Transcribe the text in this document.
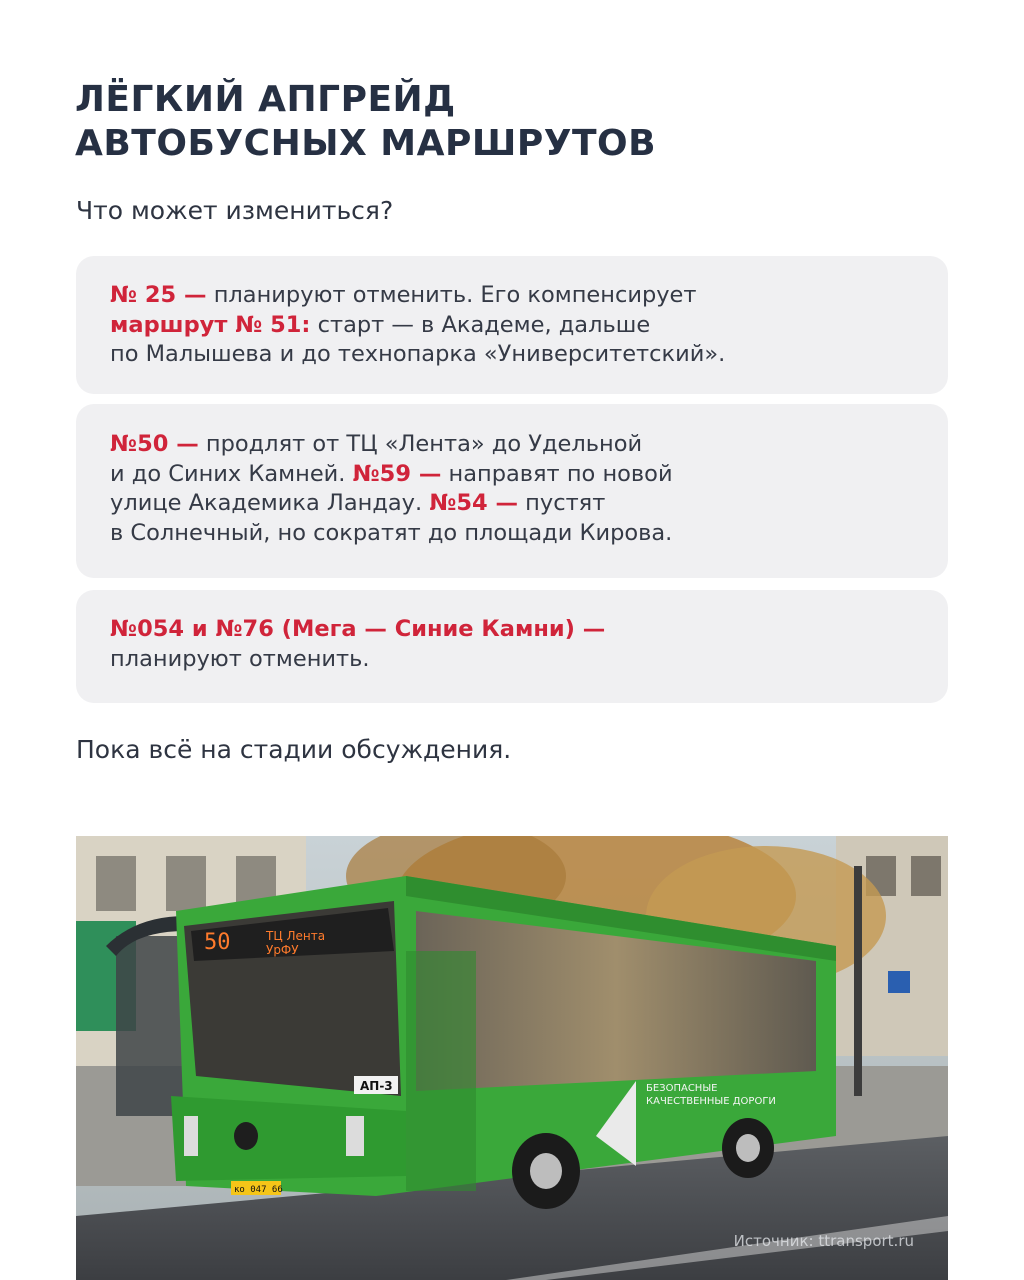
ЛЁГКИЙ АПГРЕЙД
АВТОБУСНЫХ МАРШРУТОВ
Что может измениться?
№ 25 — планируют отменить. Его компенсирует
маршрут № 51: старт — в Академе, дальше
по Малышева и до технопарка «Университетский».
№50 — продлят от ТЦ «Лента» до Удельной
и до Синих Камней. №59 — направят по новой
улице Академика Ландау. №54 — пустят
в Солнечный, но сократят до площади Кирова.
№054 и №76 (Мега — Синие Камни) —
планируют отменить.
Пока всё на стадии обсуждения.
50	ТЦ Лента
УрФУ
АП-3
ко 047 66
БЕЗОПАСНЫЕ
КАЧЕСТВЕННЫЕ ДОРОГИ
Источник: ttransport.ru
